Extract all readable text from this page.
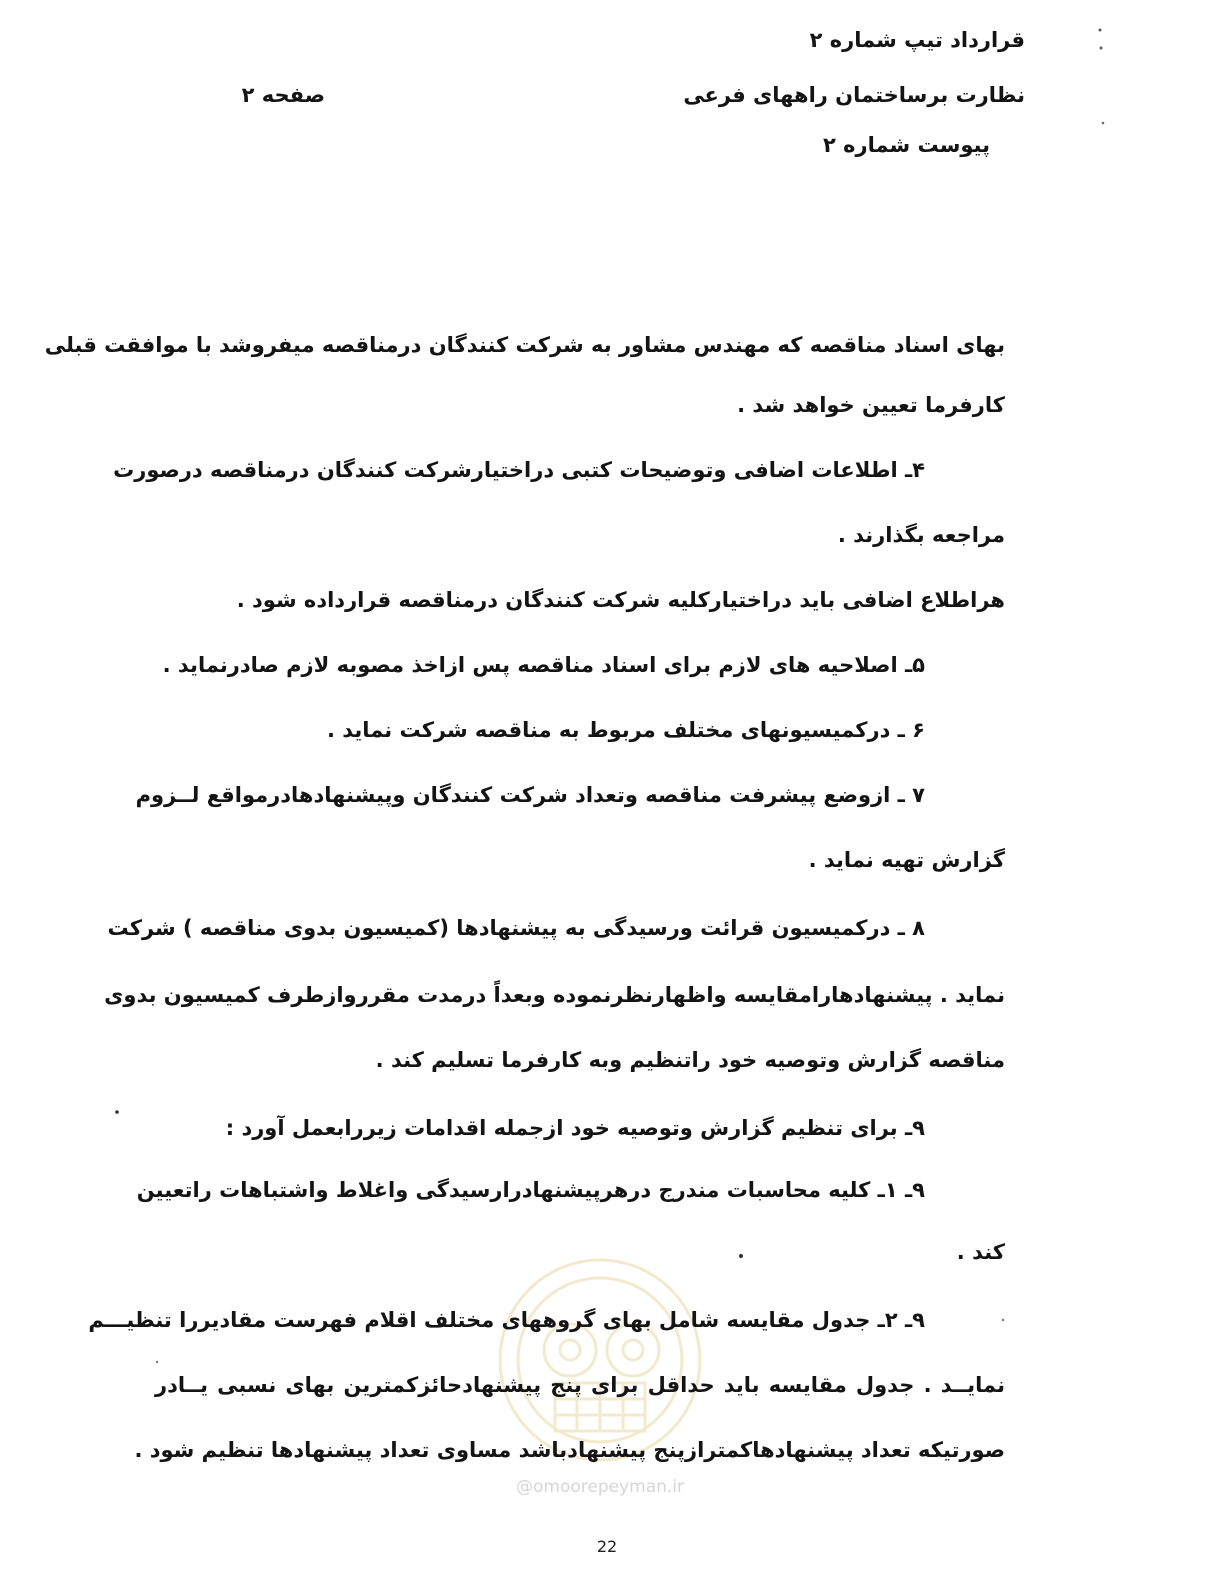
@omoorepeyman.ir
قرارداد تیپ شماره ۲
نظارت برساختمان راههای فرعی
صفحه ۲
پیوست شماره ۲
بهای اسناد مناقصه که مهندس مشاور به شرکت کنندگان درمناقصه میفروشد با موافقت قبلی
کارفرما تعیین خواهد شد .
۴ـ اطلاعات اضافی وتوضیحات کتبی دراختیارشرکت کنندگان درمناقصه درصورت
مراجعه بگذارند .
هراطلاع اضافی باید دراختیارکلیه شرکت کنندگان درمناقصه قرارداده شود .
۵ـ اصلاحیه های لازم برای اسناد مناقصه پس ازاخذ مصوبه لازم صادرنماید .
۶ ـ درکمیسیونهای مختلف مربوط به مناقصه شرکت نماید .
۷ ـ ازوضع پیشرفت مناقصه وتعداد شرکت کنندگان وپیشنهادهادرمواقع لــزوم
گزارش تهیه نماید .
۸ ـ درکمیسیون قرائت ورسیدگی به پیشنهادها (کمیسیون بدوی مناقصه ) شرکت
نماید . پیشنهادهارامقایسه واظهارنظرنموده وبعداً درمدت مقرروازطرف کمیسیون بدوی
مناقصه گزارش وتوصیه خود راتنظیم وبه کارفرما تسلیم کند .
۹ـ برای تنظیم گزارش وتوصیه خود ازجمله اقدامات زیررابعمل آورد :
۹ـ ۱ـ کلیه محاسبات مندرج درهرپیشنهادرارسیدگی واغلاط واشتباهات راتعیین
کند .
۹ـ ۲ـ جدول مقایسه شامل بهای گروههای مختلف اقلام فهرست مقادیررا تنظیـــم
نمایــد . جدول مقایسه باید حداقل برای پنج پیشنهادحائزکمترین بهای نسبی یــادر
صورتیکه تعداد پیشنهادهاکمترازپنج پیشنهادباشد مساوی تعداد پیشنهادها تنظیم شود .
22
